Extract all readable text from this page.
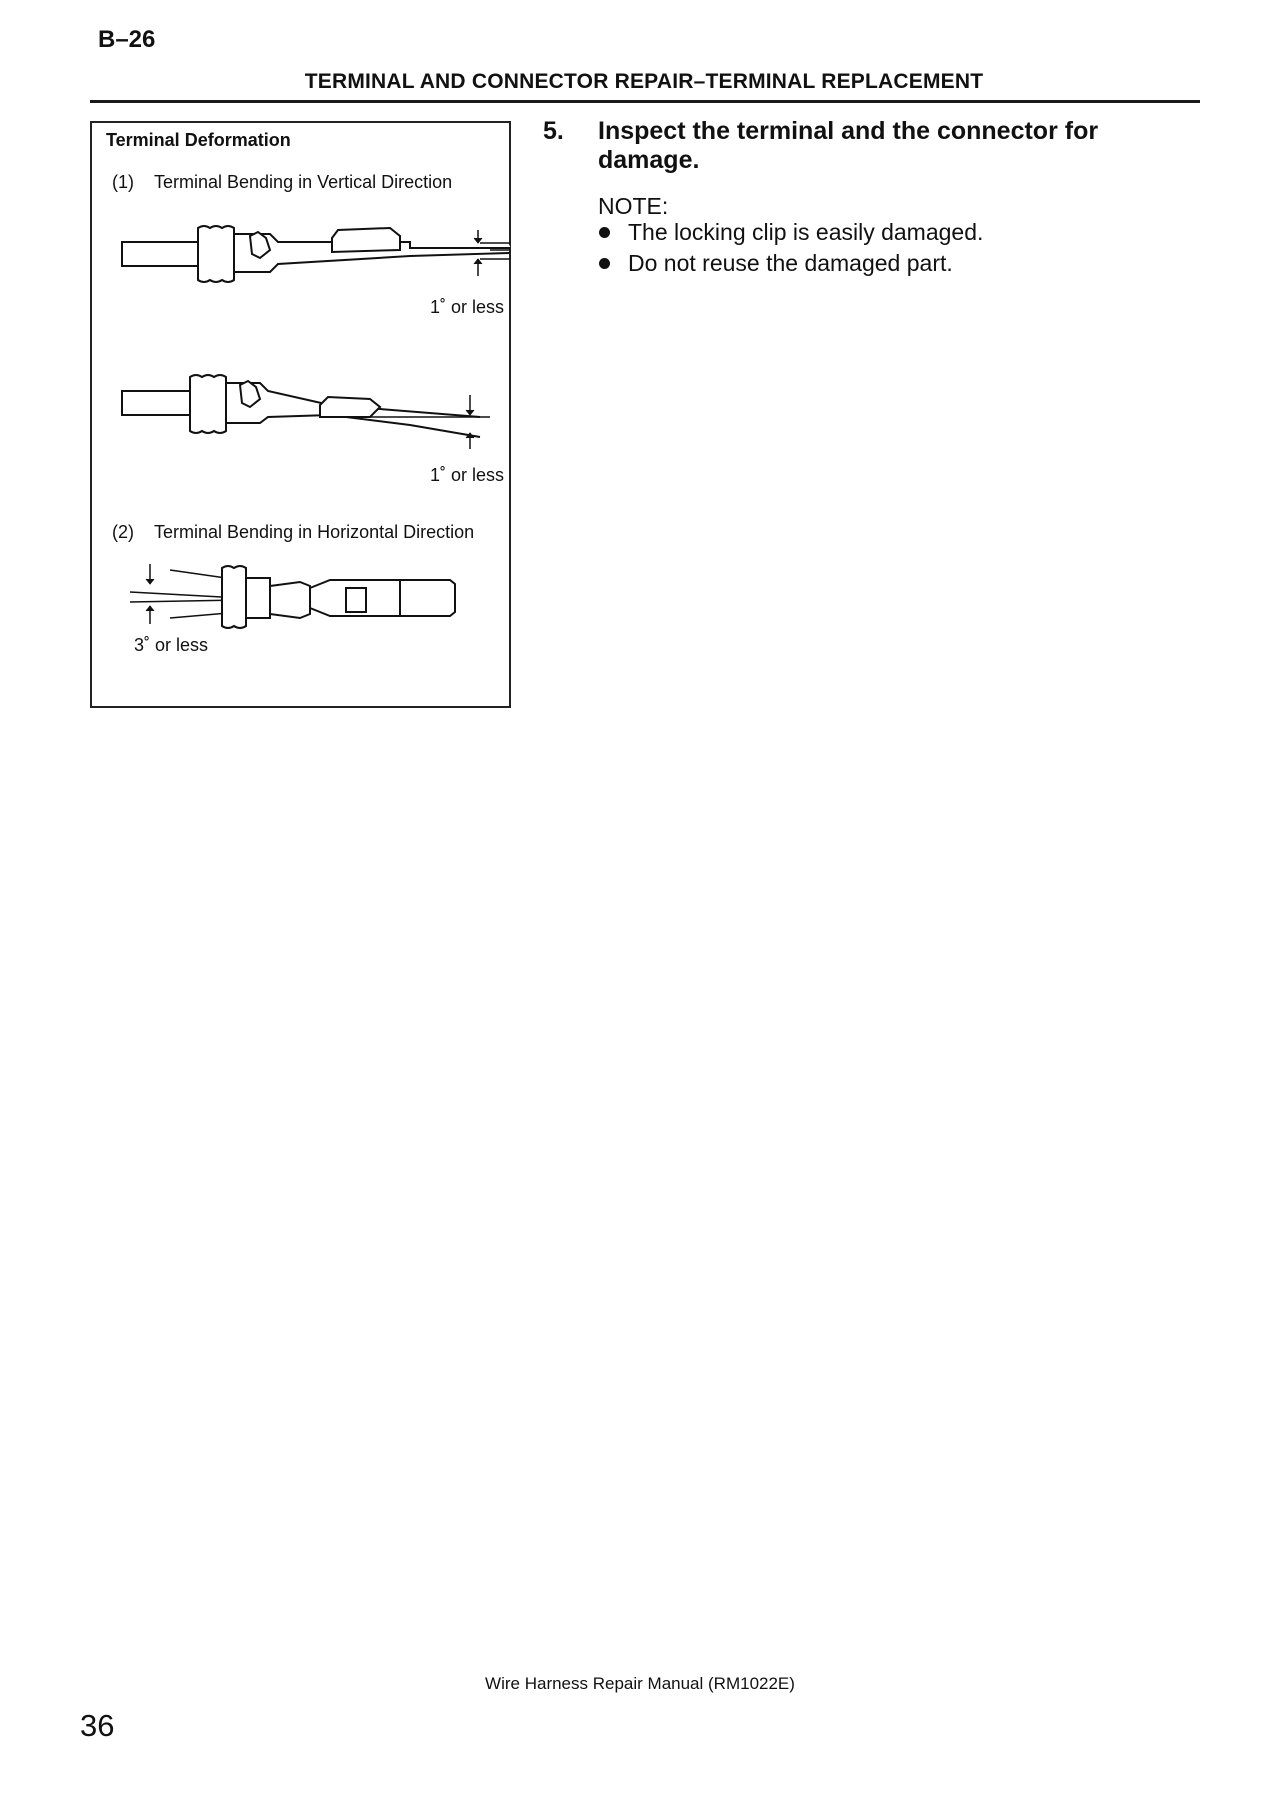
B–26
TERMINAL AND CONNECTOR REPAIR–TERMINAL REPLACEMENT
Terminal Deformation
(1) Terminal Bending in Vertical Direction
1˚ or less
1˚ or less
(2) Terminal Bending in Horizontal Direction
3˚ or less
5. Inspect the terminal and the connector for damage.
NOTE:
The locking clip is easily damaged.
Do not reuse the damaged part.
Wire Harness Repair Manual (RM1022E)
36
